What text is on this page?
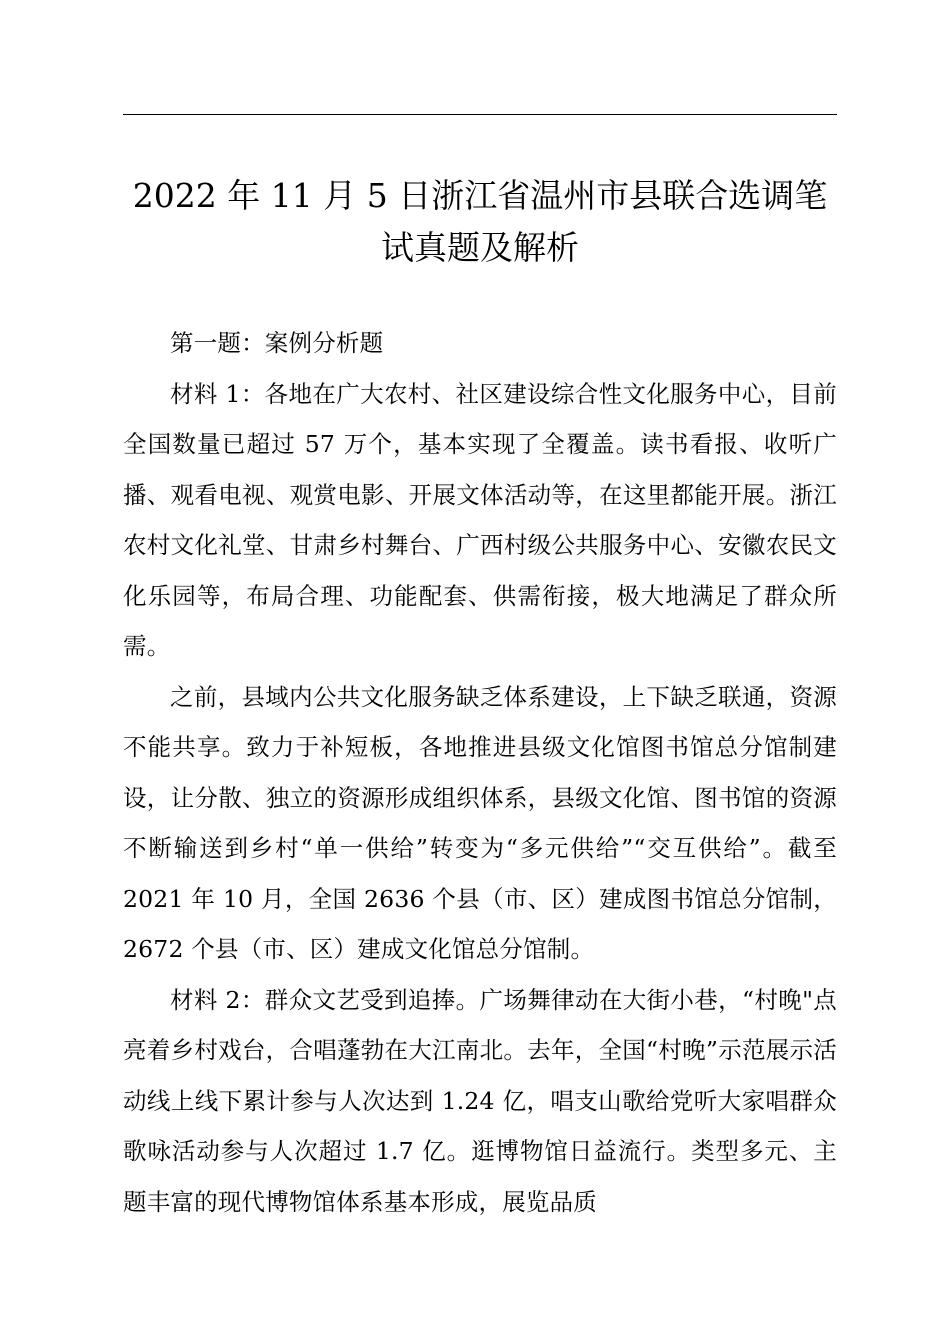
2022 年 11 月 5 日浙江省温州市县联合选调笔
试真题及解析

第一题：案例分析题

材料 1：各地在广大农村、社区建设综合性文化服务中心，目前全国数量已超过 57 万个，基本实现了全覆盖。读书看报、收听广播、观看电视、观赏电影、开展文体活动等，在这里都能开展。浙江农村文化礼堂、甘肃乡村舞台、广西村级公共服务中心、安徽农民文化乐园等，布局合理、功能配套、供需衔接，极大地满足了群众所需。

之前，县域内公共文化服务缺乏体系建设，上下缺乏联通，资源不能共享。致力于补短板，各地推进县级文化馆图书馆总分馆制建设，让分散、独立的资源形成组织体系，县级文化馆、图书馆的资源不断输送到乡村“单一供给”转变为“多元供给”“交互供给”。截至 2021 年 10 月，全国 2636 个县（市、区）建成图书馆总分馆制，2672 个县（市、区）建成文化馆总分馆制。

材料 2：群众文艺受到追捧。广场舞律动在大街小巷，“村晚"点亮着乡村戏台，合唱蓬勃在大江南北。去年，全国“村晚”示范展示活动线上线下累计参与人次达到 1.24 亿，唱支山歌给党听大家唱群众歌咏活动参与人次超过 1.7 亿。逛博物馆日益流行。类型多元、主题丰富的现代博物馆体系基本形成，展览品质
